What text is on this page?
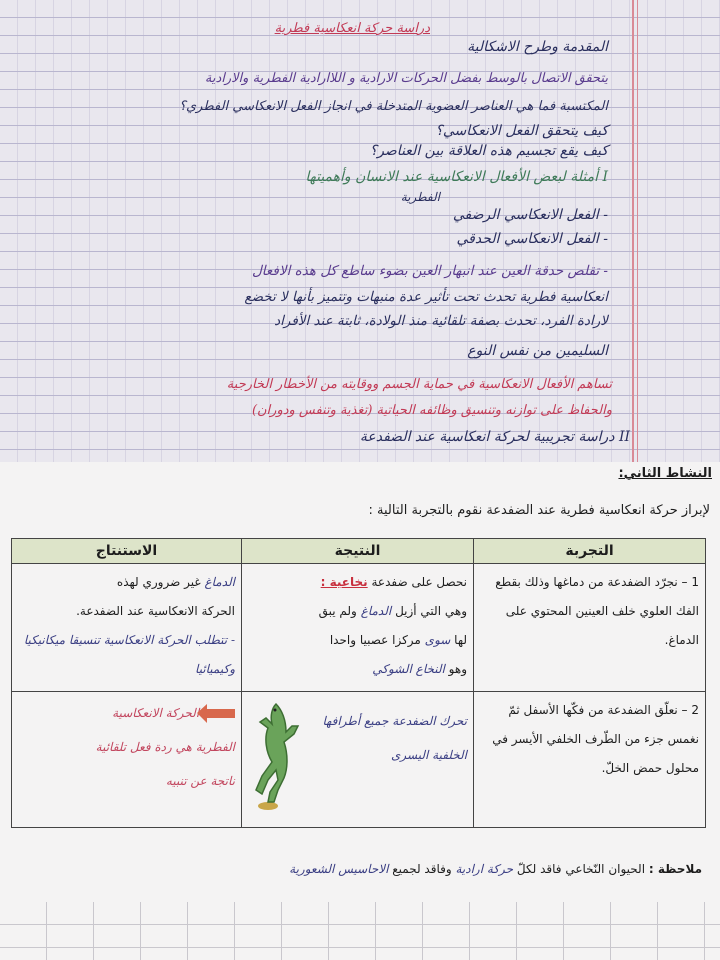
دراسة حركة انعكاسية فطرية
المقدمة وطرح الاشكالية
يتحقق الاتصال بالوسط بفضل الحركات الارادية و اللاارادية الفطرية والارادية
المكتسبة فما هي العناصر العضوية المتدخلة في انجاز الفعل الانعكاسي الفطري؟
كيف يتحقق الفعل الانعكاسي؟
كيف يقع تجسيم هذه العلاقة بين العناصر؟
I أمثلة لبعض الأفعال الانعكاسية عند الانسان وأهميتها
الفطرية
- الفعل الانعكاسي الرضفي
- الفعل الانعكاسي الحدقي
- تقلص حدقة العين عند انبهار العين بضوء ساطع كل هذه الافعال
انعكاسية فطرية تحدث تحت تأثير عدة منبهات وتتميز بأنها لا تخضع
لارادة الفرد، تحدث بصفة تلقائية منذ الولادة، ثابتة عند الأفراد
السليمين من نفس النوع
تساهم الأفعال الانعكاسية في حماية الجسم ووقايته من الأخطار الخارجية
والحفاظ على توازنه وتنسيق وظائفه الحياتية (تغذية وتنفس ودوران)
II دراسة تجريبية لحركة انعكاسية عند الضفدعة
النشاط الثاني:
لإبراز حركة انعكاسية فطرية عند الضفدعة نقوم بالتجربة التالية :
التجربة	النتيجة	الاستنتاج
1 – نجرّد الضفدعة من دماغها وذلك بقطع الفك العلوي خلف العينين المحتوي على الدماغ.	نحصل على ضفدعة نخاعية :
وهي التي أزيل الدماغ ولم يبق
لها سوى مركزا عصبيا واحدا
وهو النخاع الشوكي	الدماغ غير ضروري لهذه
الحركة الانعكاسية عند الضفدعة.
- تتطلب الحركة الانعكاسية تنسيقا ميكانيكيا وكيميائيا
2 – نعلّق الضفدعة من فكّها الأسفل ثمّ نغمس جزء من الطّرف الخلفي الأيسر في محلول حمض الخلّ.	تحرك الضفدعة جميع أطرافها الخلفية اليسرى	الحركة الانعكاسية
الفطرية هي ردة فعل تلقائية
ناتجة عن تنبيه
ملاحظة : الحيوان النّخاعي فاقد لكلّ حركة ارادية وفاقد لجميع الاحاسيس الشعورية
